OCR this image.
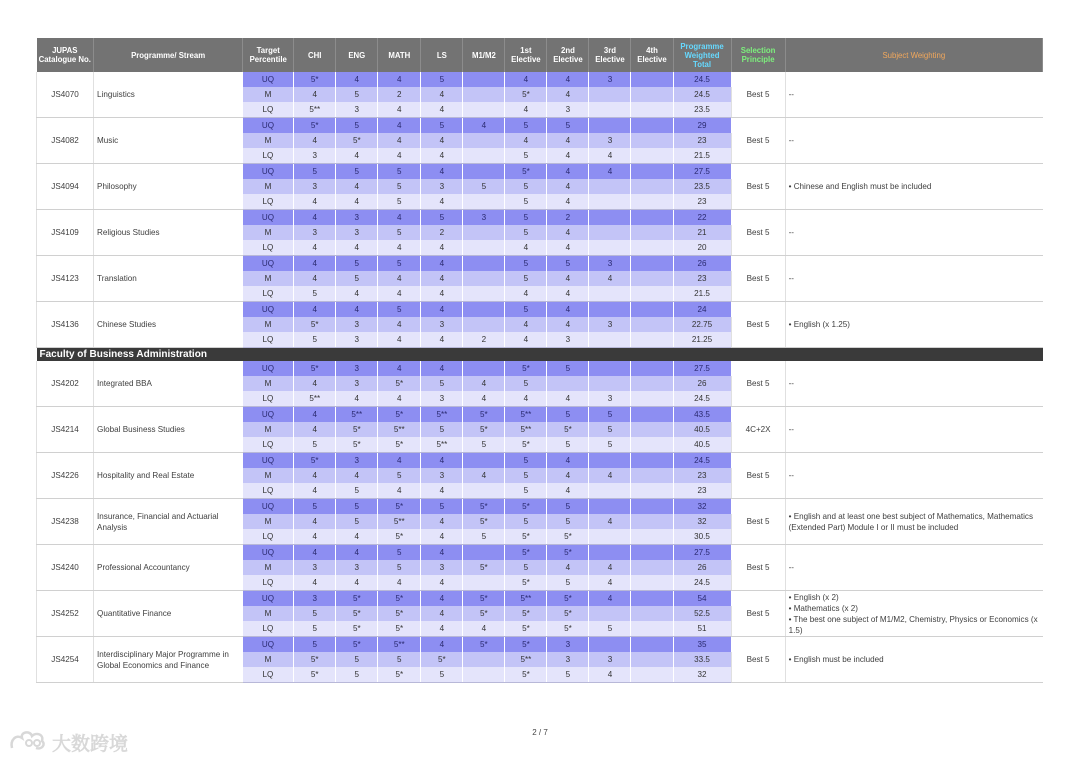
JUPAS Catalogue No.	Programme/ Stream	Target Percentile	CHI	ENG	MATH	LS	M1/M2	1st Elective	2nd Elective	3rd Elective	4th Elective	Programme Weighted Total	Selection Principle	Subject Weighting
JS4070	Linguistics	UQ	5*	4	4	5		4	4	3		24.5	Best 5	--

		M	4	5	2	4		5*	4			24.5		
		LQ	5**	3	4	4		4	3			23.5		
JS4082	Music	UQ	5*	5	4	5	4	5	5			29	Best 5	--

		M	4	5*	4	4		4	4	3		23		
		LQ	3	4	4	4		5	4	4		21.5		
JS4094	Philosophy	UQ	5	5	5	4		5*	4	4		27.5	Best 5	• Chinese and English must be included

		M	3	4	5	3	5	5	4			23.5		
		LQ	4	4	5	4		5	4			23		
JS4109	Religious Studies	UQ	4	3	4	5	3	5	2			22	Best 5	--

		M	3	3	5	2		5	4			21		
		LQ	4	4	4	4		4	4			20		
JS4123	Translation	UQ	4	5	5	4		5	5	3		26	Best 5	--

		M	4	5	4	4		5	4	4		23		
		LQ	5	4	4	4		4	4			21.5		
JS4136	Chinese Studies	UQ	4	4	5	4		5	4			24	Best 5	• English (x 1.25)

		M	5*	3	4	3		4	4	3		22.75		
		LQ	5	3	4	4	2	4	3			21.25		
Faculty of Business Administration														
JS4202	Integrated BBA	UQ	5*	3	4	4		5*	5			27.5	Best 5	--

		M	4	3	5*	5	4	5				26		
		LQ	5**	4	4	3	4	4	4	3		24.5		
JS4214	Global Business Studies	UQ	4	5**	5*	5**	5*	5**	5	5		43.5	4C+2X	--

		M	4	5*	5**	5	5*	5**	5*	5		40.5		
		LQ	5	5*	5*	5**	5	5*	5	5		40.5		
JS4226	Hospitality and Real Estate	UQ	5*	3	4	4		5	4			24.5	Best 5	--

		M	4	4	5	3	4	5	4	4		23		
		LQ	4	5	4	4		5	4			23		
JS4238	Insurance, Financial and Actuarial Analysis	UQ	5	5	5*	5	5*	5*	5			32	Best 5	• English and at least one best subject of Mathematics, Mathematics (Extended Part) Module I or II must be included

		M	4	5	5**	4	5*	5	5	4		32		
		LQ	4	4	5*	4	5	5*	5*			30.5		
JS4240	Professional Accountancy	UQ	4	4	5	4		5*	5*			27.5	Best 5	--

		M	3	3	5	3	5*	5	4	4		26		
		LQ	4	4	4	4		5*	5	4		24.5		
JS4252	Quantitative Finance	UQ	3	5*	5*	4	5*	5**	5*	4		54	Best 5	• English (x 2)
• Mathematics (x 2)
• The best one subject of M1/M2, Chemistry, Physics or Economics (x 1.5)

		M	5	5*	5*	4	5*	5*	5*			52.5		
		LQ	5	5*	5*	4	4	5*	5*	5		51		
JS4254	Interdisciplinary Major Programme in Global Economics and Finance	UQ	5	5*	5**	4	5*	5*	3			35	Best 5	• English must be included

		M	5*	5	5	5*		5**	3	3		33.5		
		LQ	5*	5	5*	5		5*	5	4		32		
2 / 7
大数跨境
